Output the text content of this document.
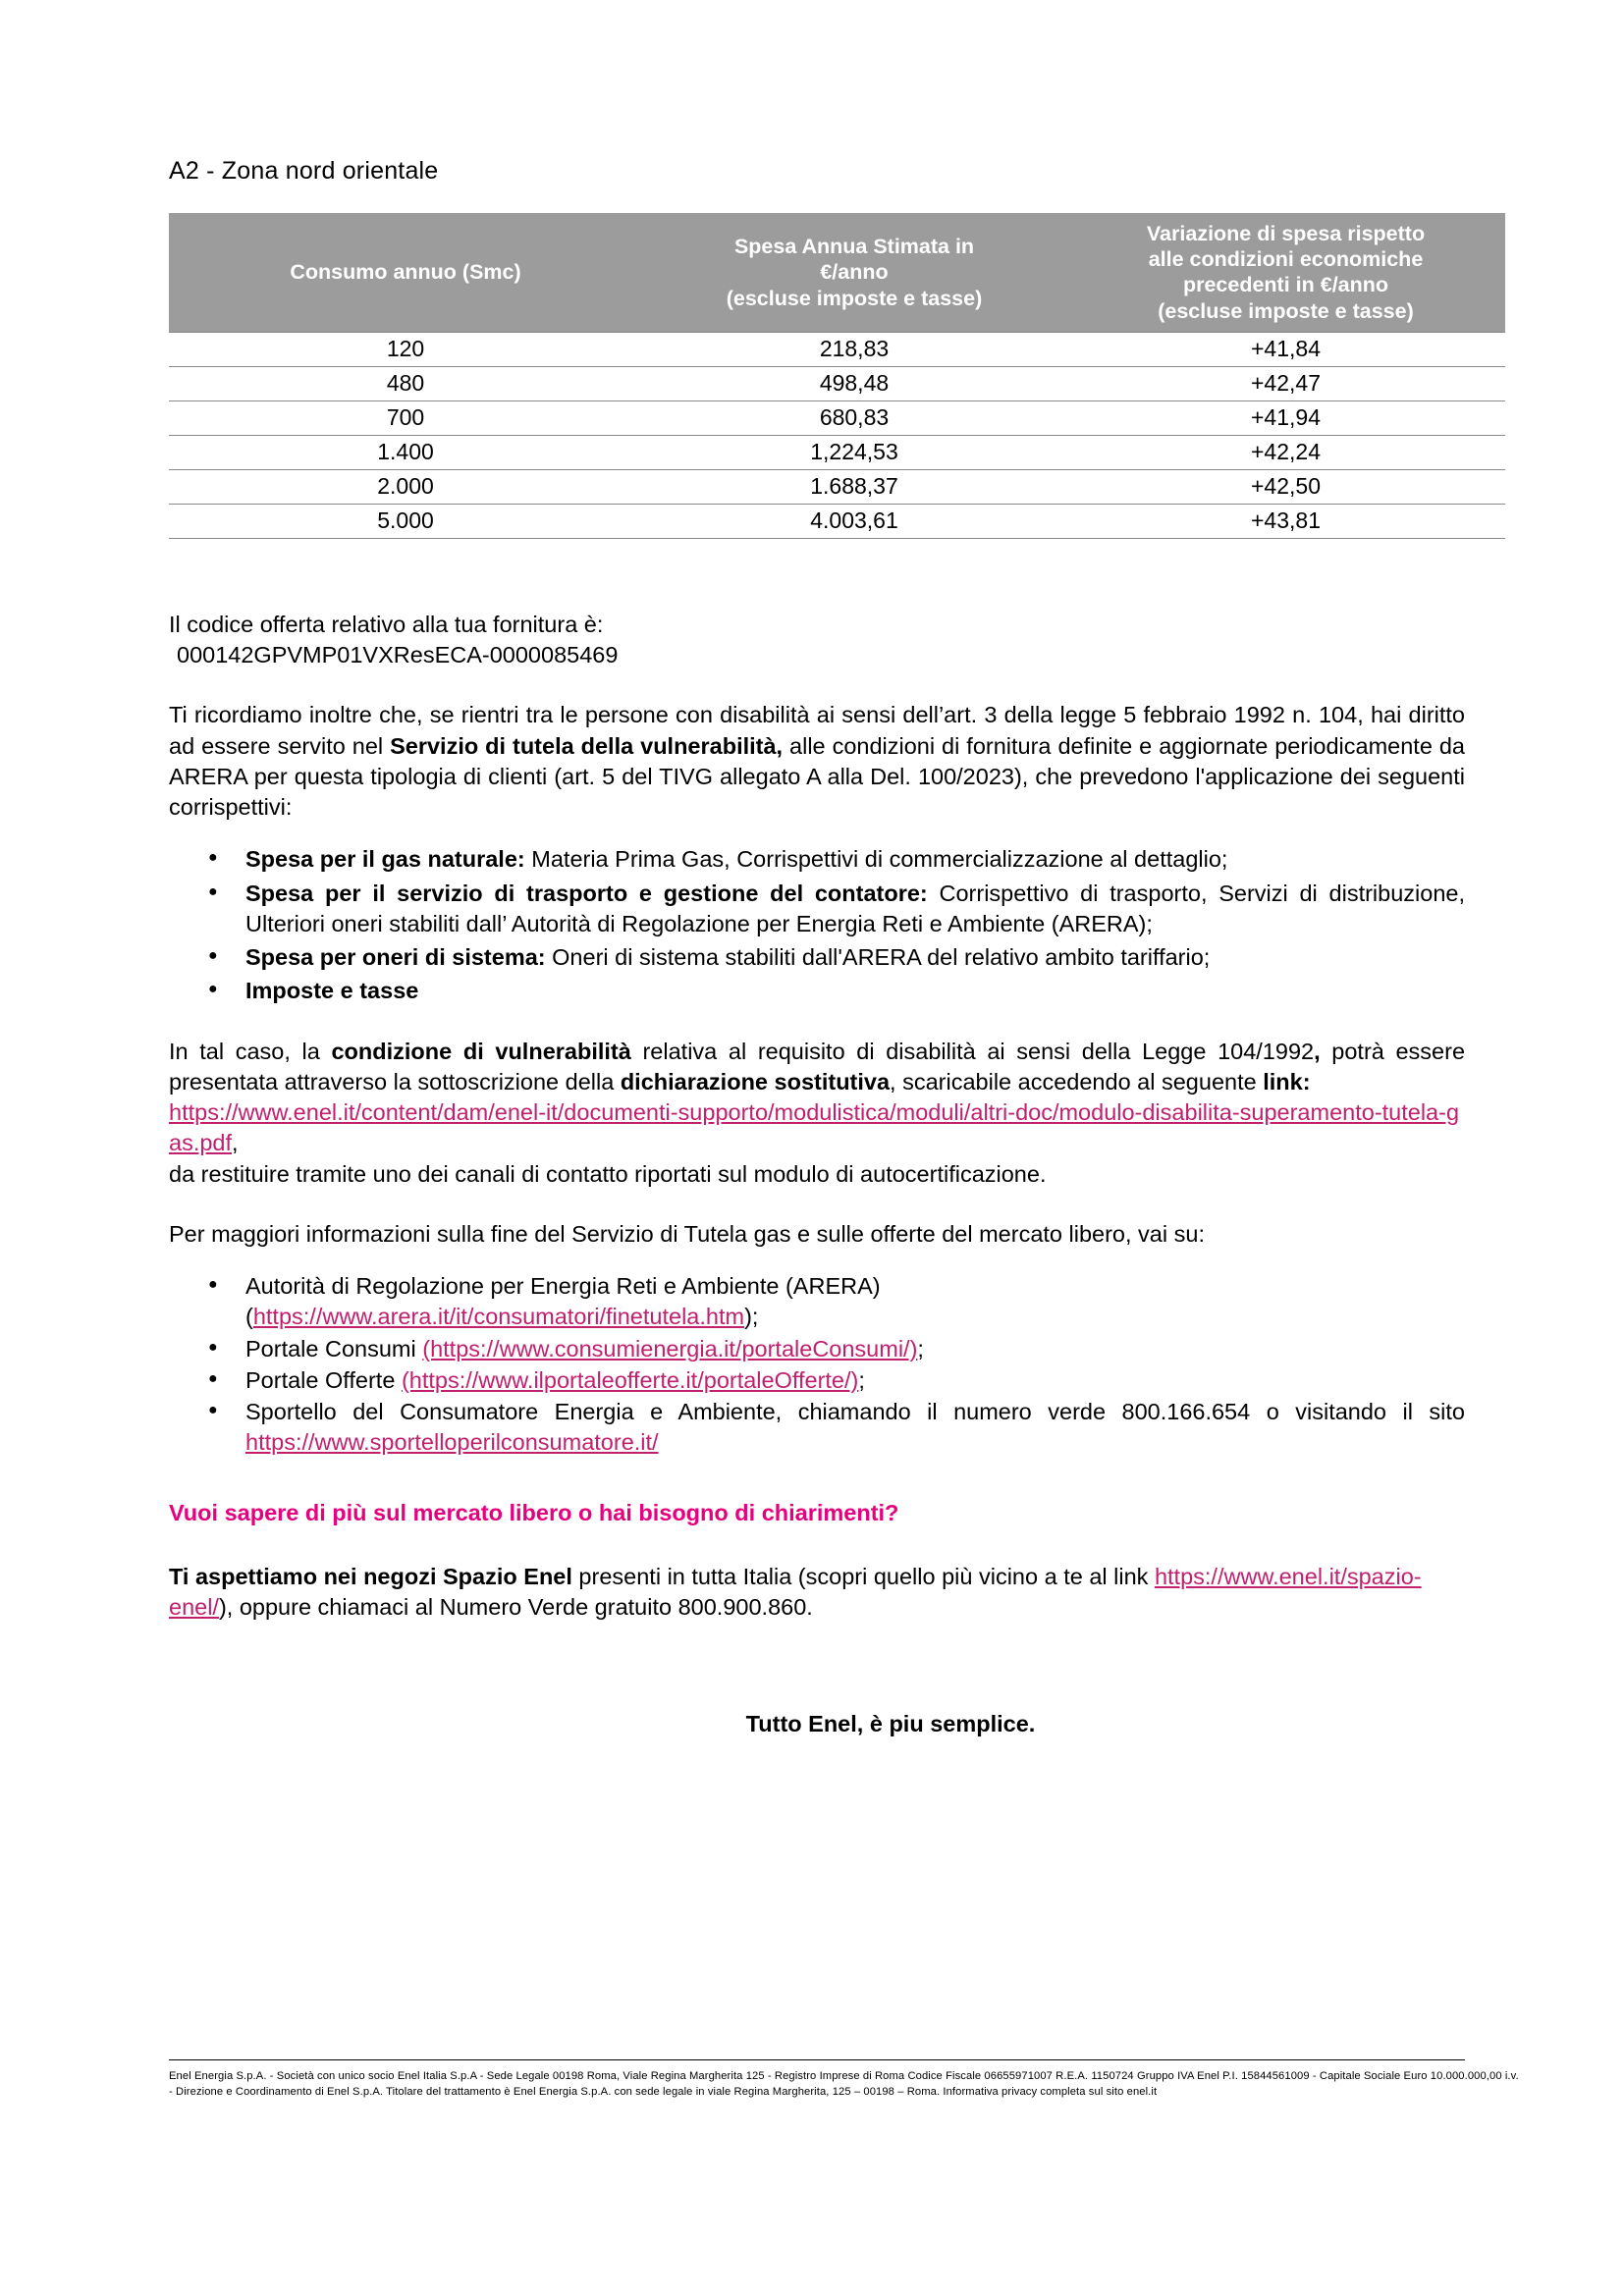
A2 - Zona nord orientale
Consumo annuo (Smc)	Spesa Annua Stimata in
€/anno
(escluse imposte e tasse)	Variazione di spesa rispetto
alle condizioni economiche
precedenti in €/anno
(escluse imposte e tasse)
120	218,83	+41,84
480	498,48	+42,47
700	680,83	+41,94
1.400	1,224,53	+42,24
2.000	1.688,37	+42,50
5.000	4.003,61	+43,81
Il codice offerta relativo alla tua fornitura è:
000142GPVMP01VXResECA-0000085469
Ti ricordiamo inoltre che, se rientri tra le persone con disabilità ai sensi dell’art. 3 della legge 5 febbraio 1992 n. 104, hai diritto ad essere servito nel Servizio di tutela della vulnerabilità, alle condizioni di fornitura definite e aggiornate periodicamente da ARERA per questa tipologia di clienti (art. 5 del TIVG allegato A alla Del. 100/2023), che prevedono l'applicazione dei seguenti corrispettivi:
● Spesa per il gas naturale: Materia Prima Gas, Corrispettivi di commercializzazione al dettaglio;
● Spesa per il servizio di trasporto e gestione del contatore: Corrispettivo di trasporto, Servizi di distribuzione, Ulteriori oneri stabiliti dall’ Autorità di Regolazione per Energia Reti e Ambiente (ARERA);
● Spesa per oneri di sistema: Oneri di sistema stabiliti dall'ARERA del relativo ambito tariffario;
● Imposte e tasse
In tal caso, la condizione di vulnerabilità relativa al requisito di disabilità ai sensi della Legge 104/1992, potrà essere presentata attraverso la sottoscrizione della dichiarazione sostitutiva, scaricabile accedendo al seguente link:
https://www.enel.it/content/dam/enel-it/documenti-supporto/modulistica/moduli/altri-doc/modulo-disabilita-superamento-tutela-gas.pdf,
da restituire tramite uno dei canali di contatto riportati sul modulo di autocertificazione.
Per maggiori informazioni sulla fine del Servizio di Tutela gas e sulle offerte del mercato libero, vai su:
● Autorità di Regolazione per Energia Reti e Ambiente (ARERA)
(https://www.arera.it/it/consumatori/finetutela.htm);
● Portale Consumi (https://www.consumienergia.it/portaleConsumi/);
● Portale Offerte (https://www.ilportaleofferte.it/portaleOfferte/);
● Sportello del Consumatore Energia e Ambiente, chiamando il numero verde 800.166.654 o visitando il sito https://www.sportelloperilconsumatore.it/
Vuoi sapere di più sul mercato libero o hai bisogno di chiarimenti?
Ti aspettiamo nei negozi Spazio Enel presenti in tutta Italia (scopri quello più vicino a te al link https://www.enel.it/spazio-enel/), oppure chiamaci al Numero Verde gratuito 800.900.860.
Tutto Enel, è piu semplice.
Enel Energia S.p.A. - Società con unico socio Enel Italia S.p.A - Sede Legale 00198 Roma, Viale Regina Margherita 125 - Registro Imprese di Roma Codice Fiscale 06655971007 R.E.A. 1150724 Gruppo IVA Enel P.I. 15844561009 - Capitale Sociale Euro 10.000.000,00 i.v. - Direzione e Coordinamento di Enel S.p.A. Titolare del trattamento è Enel Energia S.p.A. con sede legale in viale Regina Margherita, 125 – 00198 – Roma. Informativa privacy completa sul sito enel.it
